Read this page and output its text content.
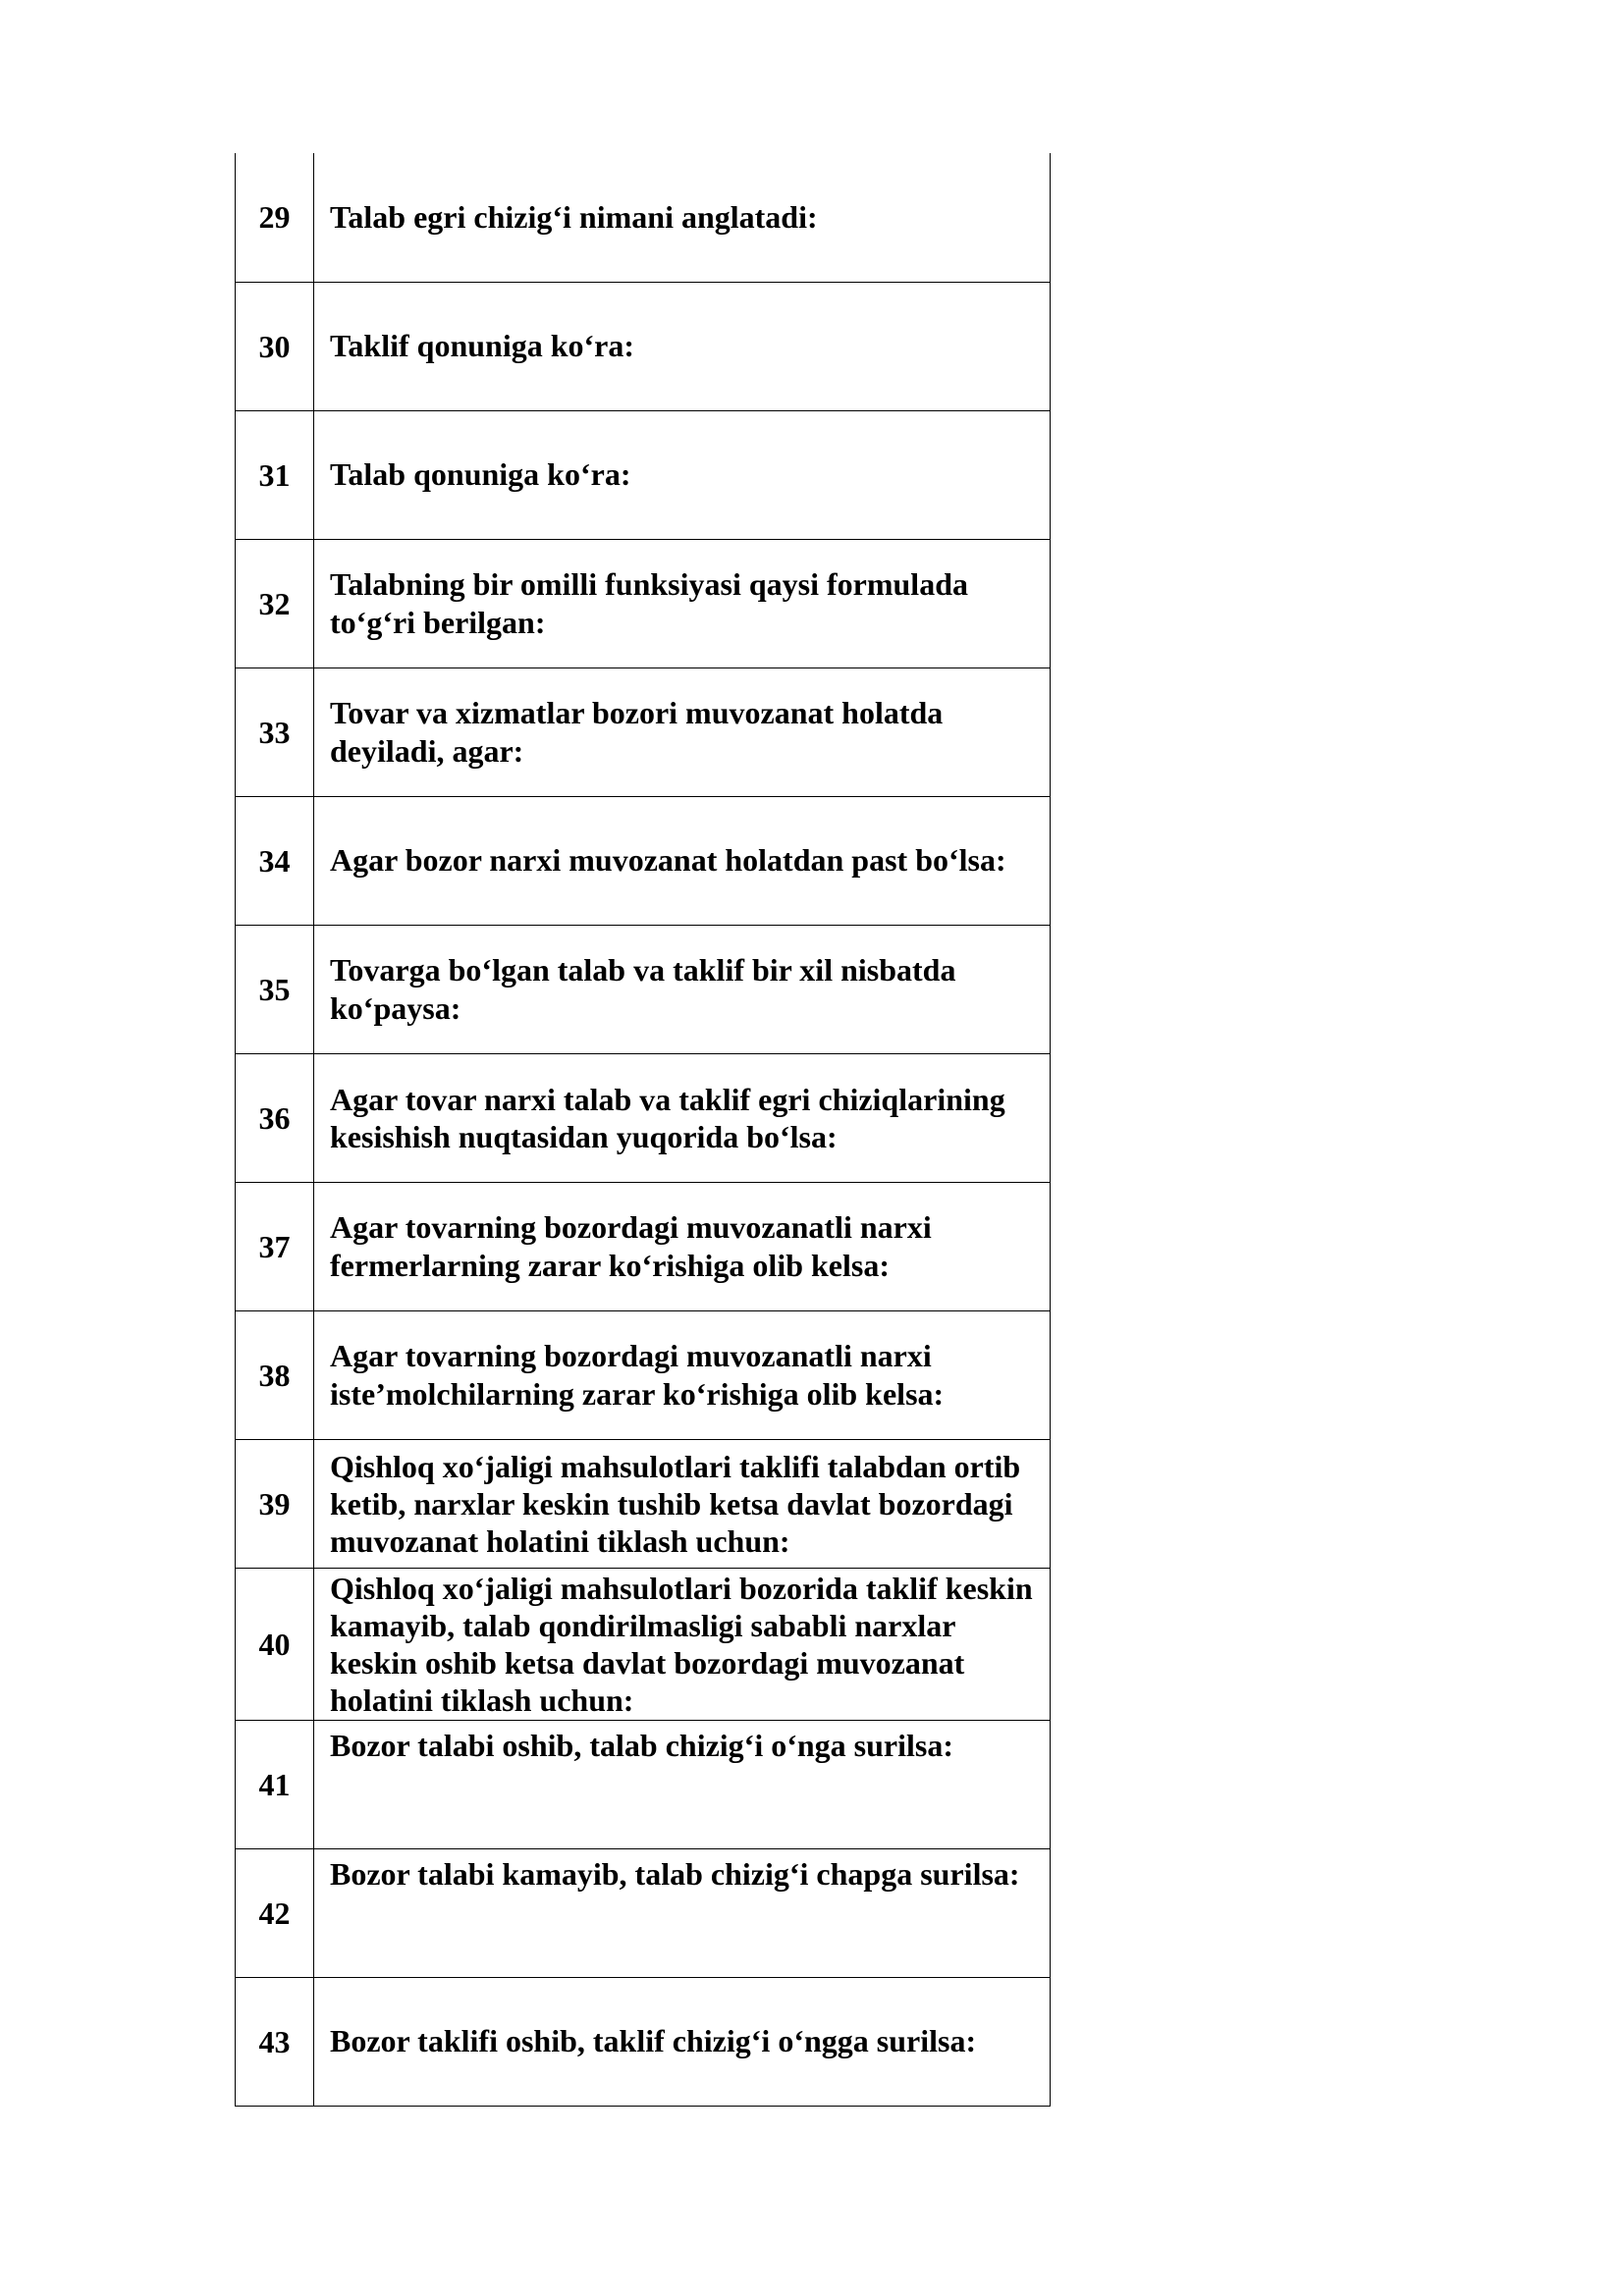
29	Talab egri chizig‘i nimani anglatadi:
30	Taklif qonuniga ko‘ra:
31	Talab qonuniga ko‘ra:
32	Talabning bir omilli funksiyasi qaysi formulada to‘g‘ri berilgan:
33	Tovar va xizmatlar bozori muvozanat holatda deyiladi, agar:
34	Agar bozor narxi muvozanat holatdan past bo‘lsa:
35	Tovarga bo‘lgan talab va taklif bir xil nisbatda ko‘paysa:
36	Agar tovar narxi talab va taklif egri chiziqlarining kesishish nuqtasidan yuqorida bo‘lsa:
37	Agar tovarning bozordagi muvozanatli narxi fermerlarning zarar ko‘rishiga olib kelsa:
38	Agar tovarning bozordagi muvozanatli narxi iste’molchilarning zarar ko‘rishiga olib kelsa:
39	Qishloq xo‘jaligi mahsulotlari taklifi talabdan ortib ketib, narxlar keskin tushib ketsa davlat bozordagi muvozanat holatini tiklash uchun:
40	Qishloq xo‘jaligi mahsulotlari bozorida taklif keskin kamayib, talab qondirilmasligi sababli narxlar keskin oshib ketsa davlat bozordagi muvozanat holatini tiklash uchun:
41	Bozor talabi oshib, talab chizig‘i o‘nga surilsa:
42	Bozor talabi kamayib, talab chizig‘i chapga surilsa:
43	Bozor taklifi oshib, taklif chizig‘i o‘ngga surilsa:
